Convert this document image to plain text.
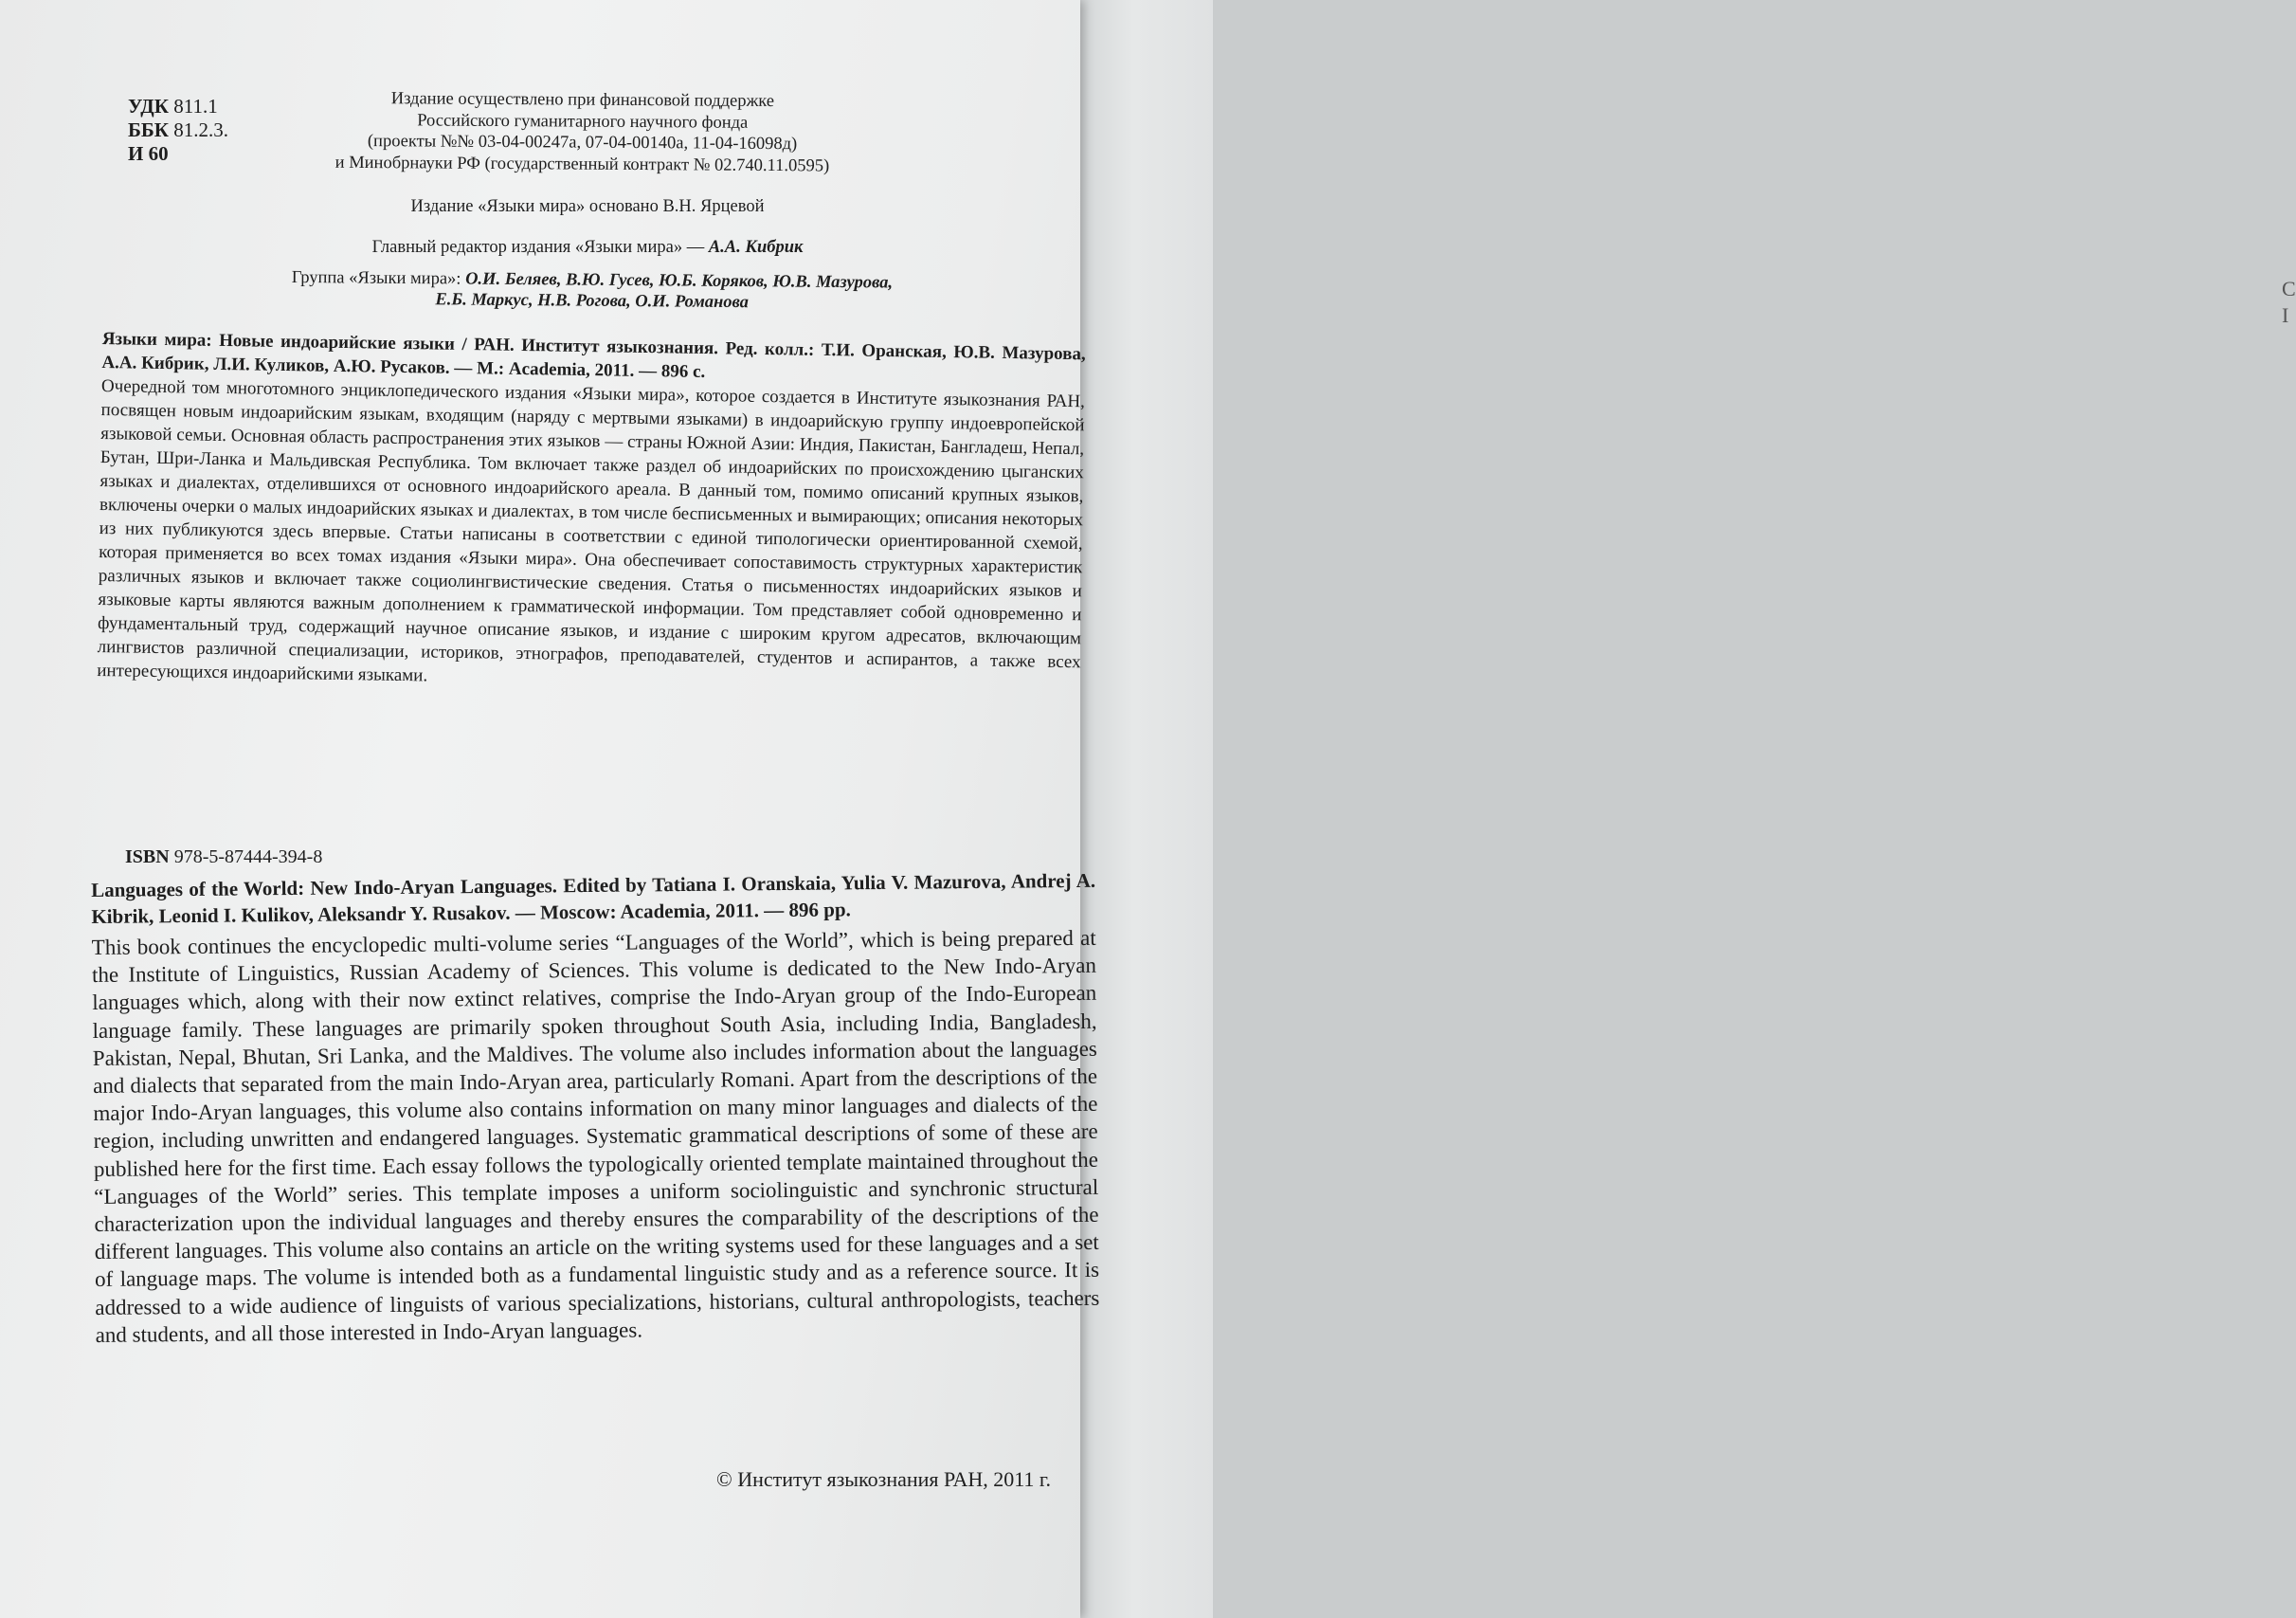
C
I
УДК 811.1
ББК 81.2.3.
И 60
Издание осуществлено при финансовой поддержке
Российского гуманитарного научного фонда
(проекты №№ 03-04-00247а, 07-04-00140а, 11-04-16098д)
и Минобрнауки РФ (государственный контракт № 02.740.11.0595)
Издание «Языки мира» основано В.Н. Ярцевой
Главный редактор издания «Языки мира» — А.А. Кибрик
Группа «Языки мира»: О.И. Беляев, В.Ю. Гусев, Ю.Б. Коряков, Ю.В. Мазурова,
Е.Б. Маркус, Н.В. Рогова, О.И. Романова

Языки мира: Новые индоарийские языки / РАН. Институт языкознания. Ред. колл.: Т.И. Оранская, Ю.В. Мазурова, А.А. Кибрик, Л.И. Куликов, А.Ю. Русаков. — М.: Academia, 2011. — 896 с.

Очередной том многотомного энциклопедического издания «Языки мира», которое создается в Институте языкознания РАН, посвящен новым индоарийским языкам, входящим (наряду с мертвыми языками) в индоарийскую группу индоевропейской языковой семьи. Основная область распространения этих языков — страны Южной Азии: Индия, Пакистан, Бангладеш, Непал, Бутан, Шри-Ланка и Мальдивская Республика. Том включает также раздел об индоарийских по происхождению цыганских языках и диалектах, отделившихся от основного индоарийского ареала. В данный том, помимо описаний крупных языков, включены очерки о малых индоарийских языках и диалектах, в том числе бесписьменных и вымирающих; описания некоторых из них публикуются здесь впервые. Статьи написаны в соответствии с единой типологически ориентированной схемой, которая применяется во всех томах издания «Языки мира». Она обеспечивает сопоставимость структурных характеристик различных языков и включает также социолингвистические сведения. Статья о письменностях индоарийских языков и языковые карты являются важным дополнением к грамматической информации. Том представляет собой одновременно и фундаментальный труд, содержащий научное описание языков, и издание с широким кругом адресатов, включающим лингвистов различной специализации, историков, этнографов, преподавателей, студентов и аспирантов, а также всех интересующихся индоарийскими языками.

ISBN 978-5-87444-394-8

Languages of the World: New Indo-Aryan Languages. Edited by Tatiana I. Oranskaia, Yulia V. Mazurova, Andrej A. Kibrik, Leonid I. Kulikov, Aleksandr Y. Rusakov. — Moscow: Academia, 2011. — 896 pp.

This book continues the encyclopedic multi-volume series “Languages of the World”, which is being prepared at the Institute of Linguistics, Russian Academy of Sciences. This volume is dedicated to the New Indo-Aryan languages which, along with their now extinct relatives, comprise the Indo-Aryan group of the Indo-European language family. These languages are primarily spoken throughout South Asia, including India, Bangladesh, Pakistan, Nepal, Bhutan, Sri Lanka, and the Maldives. The volume also includes information about the languages and dialects that separated from the main Indo-Aryan area, particularly Romani. Apart from the descriptions of the major Indo-Aryan languages, this volume also contains information on many minor languages and dialects of the region, including unwritten and endangered languages. Systematic grammatical descriptions of some of these are published here for the first time. Each essay follows the typologically oriented template maintained throughout the “Languages of the World” series. This template imposes a uniform sociolinguistic and synchronic structural characterization upon the individual languages and thereby ensures the comparability of the descriptions of the different languages. This volume also contains an article on the writing systems used for these languages and a set of language maps. The volume is intended both as a fundamental linguistic study and as a reference source. It is addressed to a wide audience of linguists of various specializations, historians, cultural anthropologists, teachers and students, and all those interested in Indo-Aryan languages.

© Институт языкознания РАН, 2011 г.
